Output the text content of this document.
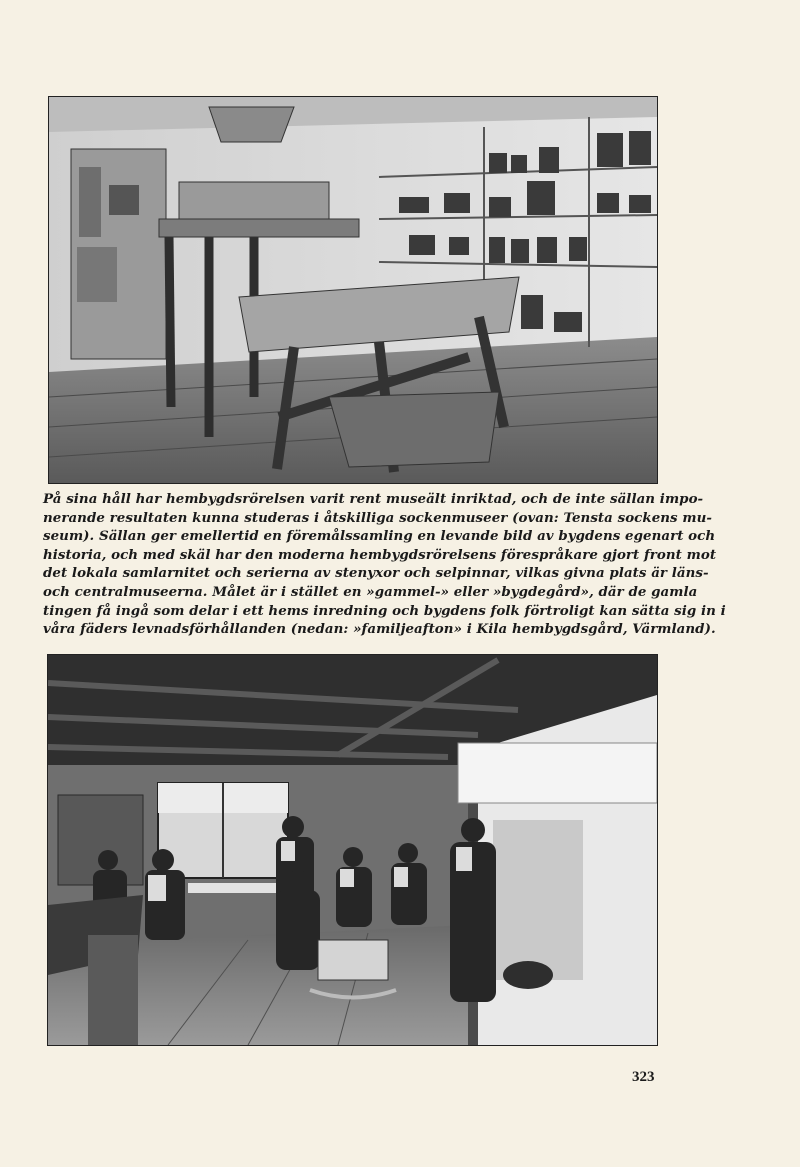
På sina håll har hembygdsrörelsen varit rent museält inriktad, och de inte sällan impo-
nerande resultaten kunna studeras i åtskilliga sockenmuseer (ovan: Tensta sockens mu-
seum). Sällan ger emellertid en föremålssamling en levande bild av bygdens egenart och
historia, och med skäl har den moderna hembygdsrörelsens förespråkare gjort front mot
det lokala samlarnitet och serierna av stenyxor och selpinnar, vilkas givna plats är läns-
och centralmuseerna. Målet är i stället en »gammel-» eller »bygdegård», där de gamla
tingen få ingå som delar i ett hems inredning och bygdens folk förtroligt kan sätta sig in i
våra fäders levnadsförhållanden (nedan: »familjeafton» i Kila hembygdsgård, Värmland).

323
